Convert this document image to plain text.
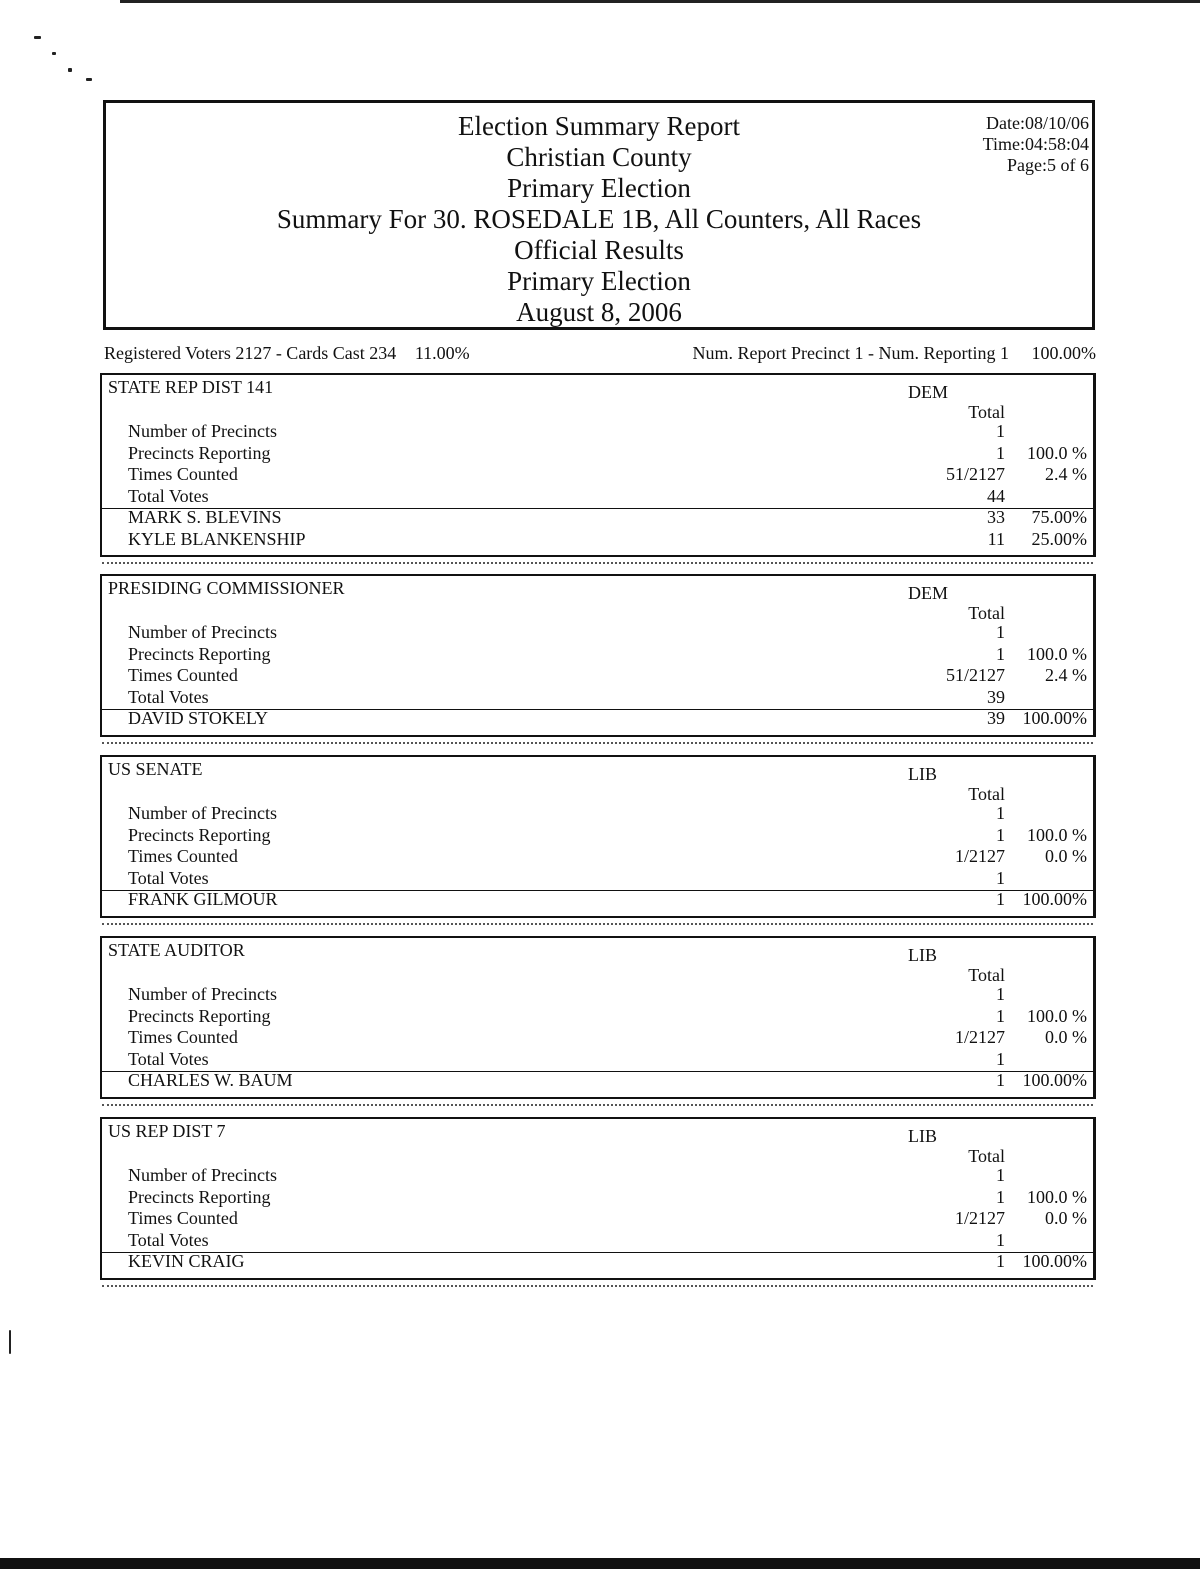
Election Summary Report
Christian County
Primary Election
Summary For 30. ROSEDALE 1B, All Counters, All Races
Official Results
Primary Election
August 8, 2006
Date:08/10/06
Time:04:58:04
Page:5 of 6
Registered Voters 2127 - Cards Cast 234 11.00%	Num. Report Precinct 1 - Num. Reporting 1 100.00%
STATE REP DIST 141	DEM
Total
Number of Precincts	1
Precincts Reporting	1 100.0 %
Times Counted	51/2127 2.4 %
Total Votes	44
MARK S. BLEVINS	33 75.00%
KYLE BLANKENSHIP	11 25.00%
PRESIDING COMMISSIONER	DEM
Total
Number of Precincts	1
Precincts Reporting	1 100.0 %
Times Counted	51/2127 2.4 %
Total Votes	39
DAVID STOKELY	39 100.00%
US SENATE	LIB
Total
Number of Precincts	1
Precincts Reporting	1 100.0 %
Times Counted	1/2127 0.0 %
Total Votes	1
FRANK GILMOUR	1 100.00%
STATE AUDITOR	LIB
Total
Number of Precincts	1
Precincts Reporting	1 100.0 %
Times Counted	1/2127 0.0 %
Total Votes	1
CHARLES W. BAUM	1 100.00%
US REP DIST 7	LIB
Total
Number of Precincts	1
Precincts Reporting	1 100.0 %
Times Counted	1/2127 0.0 %
Total Votes	1
KEVIN CRAIG	1 100.00%
